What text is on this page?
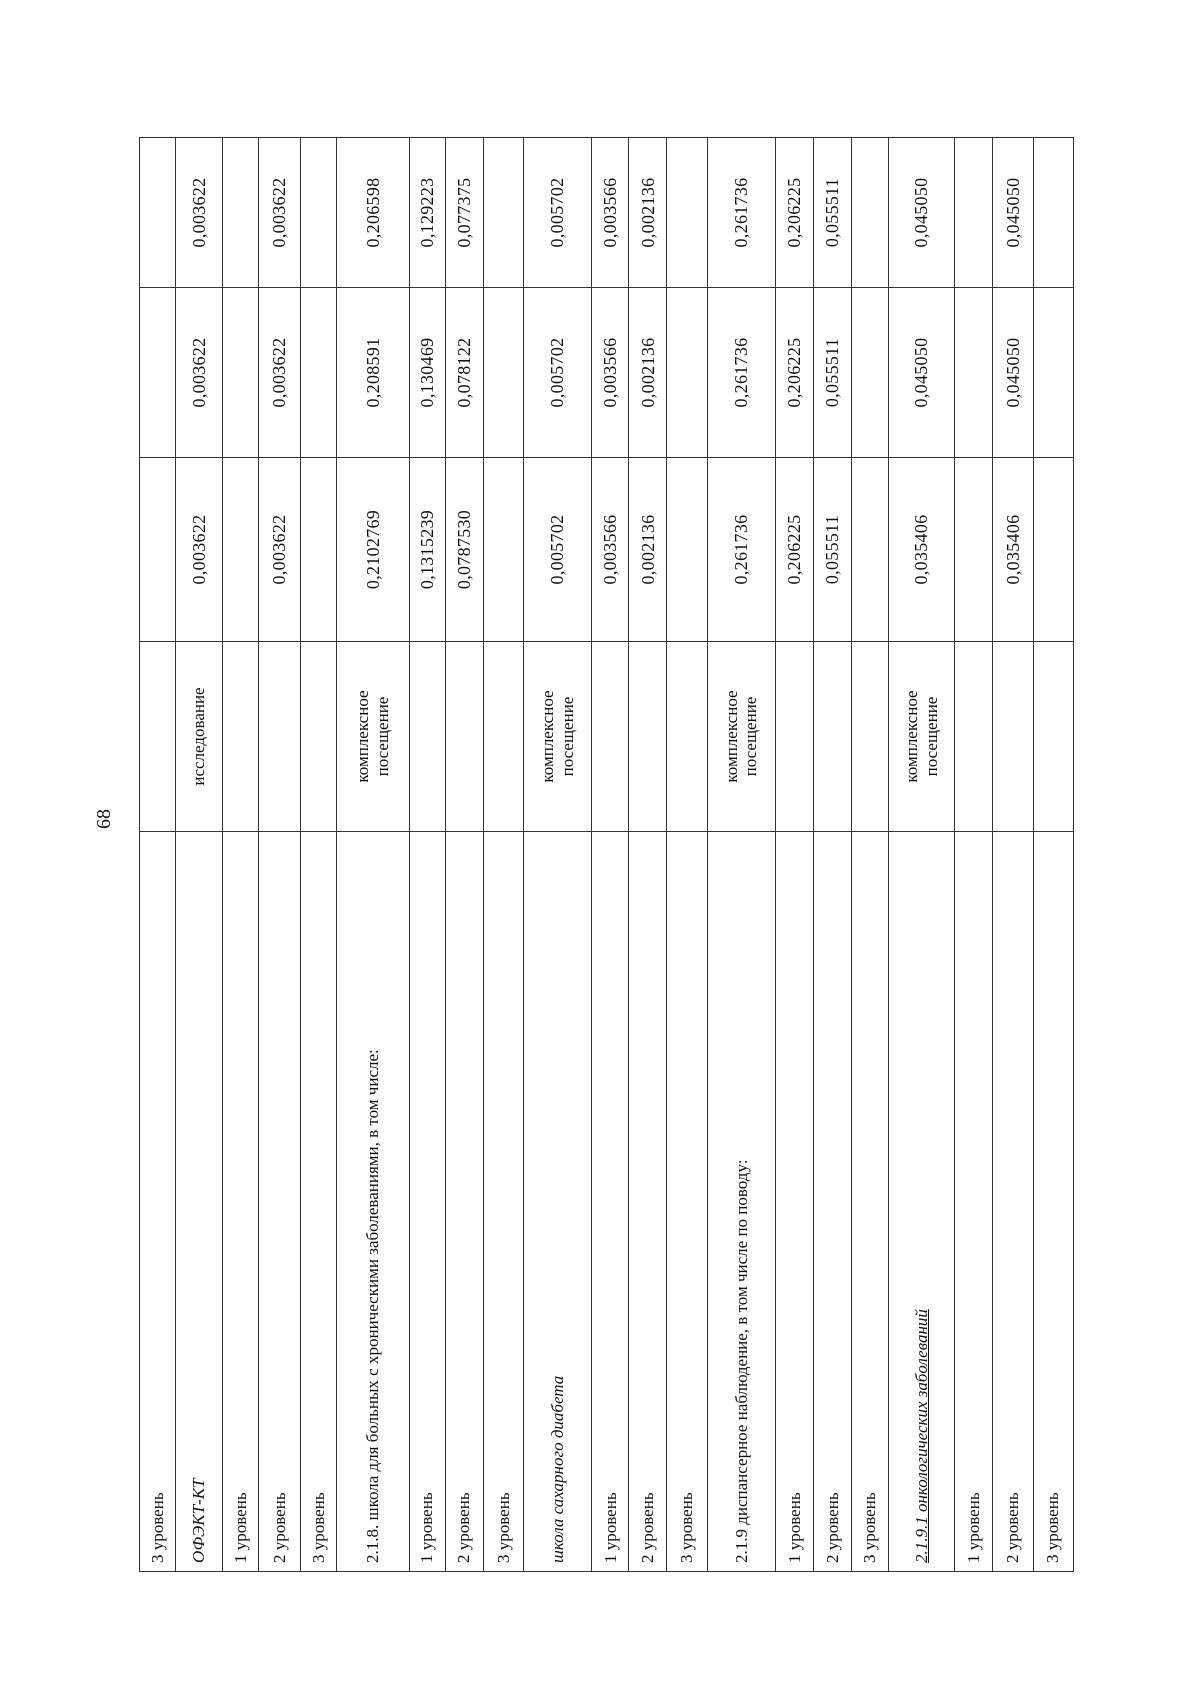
68
3 уровень				
ОФЭКТ-КТ	исследование	0,003622	0,003622	0,003622
1 уровень				
2 уровень		0,003622	0,003622	0,003622
3 уровень				
2.1.8. школа для больных с хроническими заболеваниями, в том числе:	комплексное посещение	0,2102769	0,208591	0,206598
1 уровень		0,1315239	0,130469	0,129223
2 уровень		0,0787530	0,078122	0,077375
3 уровень				
школа сахарного диабета	комплексное посещение	0,005702	0,005702	0,005702
1 уровень		0,003566	0,003566	0,003566
2 уровень		0,002136	0,002136	0,002136
3 уровень				
2.1.9 диспансерное наблюдение, в том числе по поводу:	комплексное посещение	0,261736	0,261736	0,261736
1 уровень		0,206225	0,206225	0,206225
2 уровень		0,055511	0,055511	0,055511
3 уровень				
2.1.9.1 онкологических заболеваний	комплексное посещение	0,035406	0,045050	0,045050
1 уровень				
2 уровень		0,035406	0,045050	0,045050
3 уровень				
